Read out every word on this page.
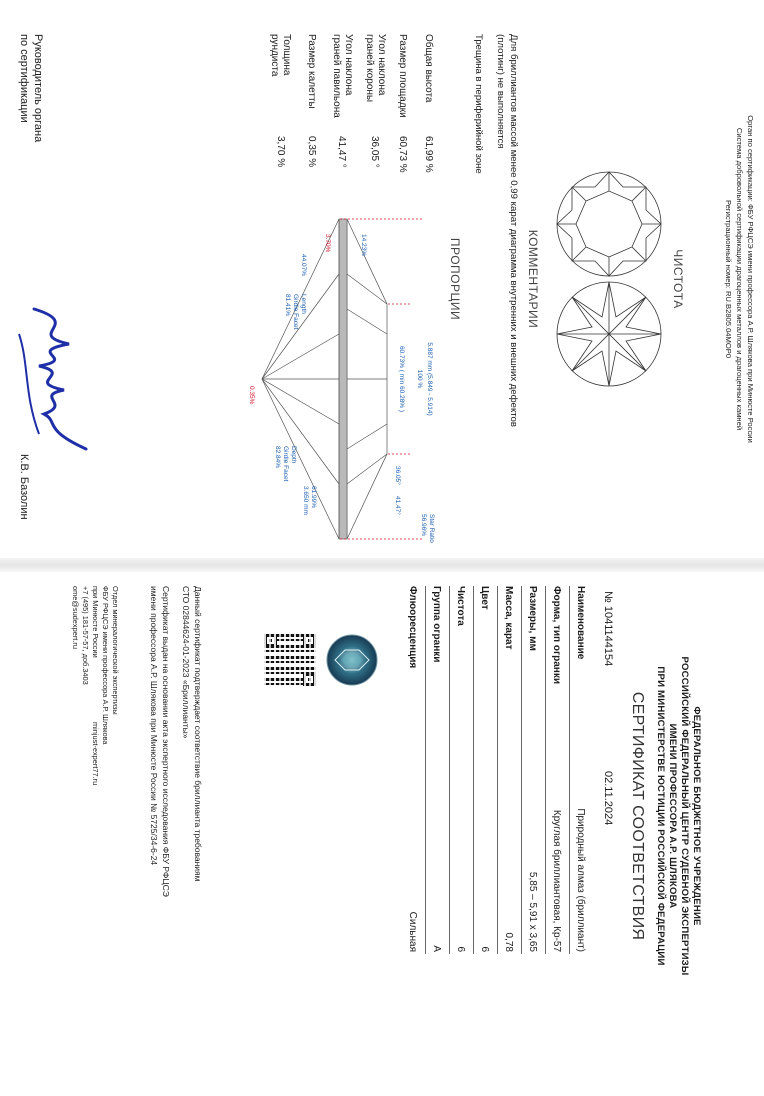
Орган по сертификации: ФБУ РФЦСЭ имени профессора А.Р. Шлякова при Минюсте России
Система добровольной сертификации драгоценных металлов и драгоценных камней
Регистрационный номер: RU.В2805.04МОР0
ЧИСТОТА
КОММЕНТАРИИ
Для бриллиантов массой менее 0,99 карат диаграмма внутренних и внешних дефектов
(плотинг) не выполняется
Трещина в периферийной зоне
ПРОПОРЦИИ
Общая высота
61,99 %
Размер площадки
60,73 %
Угол наклона
граней короны
36,05 °
Угол наклона
граней павильона
41,47 °
Размер калетты
0,35 %
Толщина
рундиста
3,70 %
5.887 mm (5.849 - 5.914)
100 %
60.73% ( min 60.28% )
36.05°
41.47°
Star Ratio
56.96%
14.23%
3.70%
44.07%
Length
Girdle Facet
81.41%
0.35%
61.99%
3.650 mm
Depth
Girdle Facet
82.84%
Руководитель органа
по сертификации
К.В. Базолин
ФЕДЕРАЛЬНОЕ БЮДЖЕТНОЕ УЧРЕЖДЕНИЕ
РОССИЙСКИЙ ФЕДЕРАЛЬНЫЙ ЦЕНТР СУДЕБНОЙ ЭКСПЕРТИЗЫ
ИМЕНИ ПРОФЕССОРА А.Р. ШЛЯКОВА
ПРИ МИНИСТЕРСТВЕ ЮСТИЦИИ РОССИЙСКОЙ ФЕДЕРАЦИИ
СЕРТИФИКАТ СООТВЕТСТВИЯ
№ 1041144154
02.11.2024
Наименование
Природный алмаз (бриллиант)
Форма, тип огранки
Круглая бриллиантовая, Кр-57
Размеры, мм
5,85 – 5,91 x 3,65
Масса, карат
0,78
Цвет
6
Чистота
6
Группа огранки
A
Флюоресценция
Сильная
Данный сертификат подтверждает соответствие бриллианта требованиям
СТО 02844624-01-2023 «Бриллианты»
Сертификат выдан на основании акта экспертного исследования ФБУ РФЦСЭ
имени профессора А.Р. Шлякова при Минюсте России № 5725/34-6-24
Отдел минералогической экспертизы
ФБУ РФЦСЭ имени профессора А.Р. Шлякова
при Минюсте России
+7 (495) 181-57-57, доб.3403
ome@sudexpert.ru
minjust-expert77.ru
